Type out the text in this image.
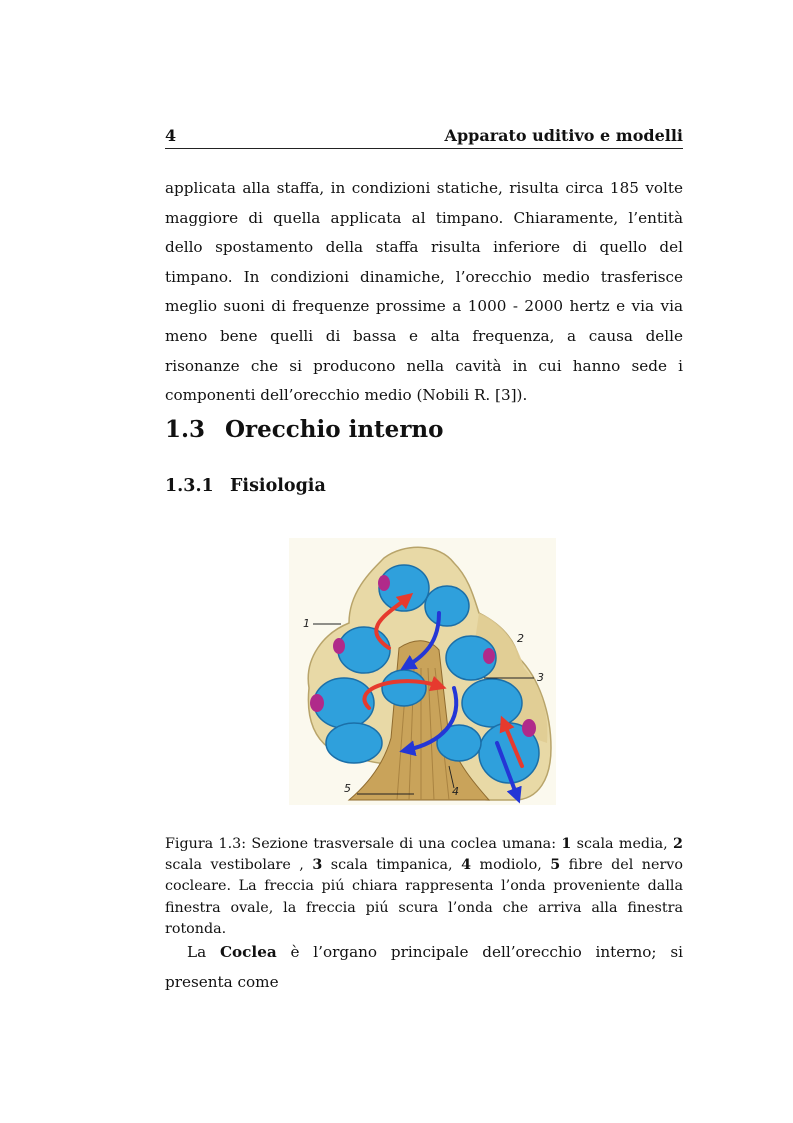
4	Apparato uditivo e modelli

applicata alla staffa, in condizioni statiche, risulta circa 185 volte maggiore di quella applicata al timpano. Chiaramente, l’entità dello spostamento della staffa risulta inferiore di quello del timpano. In condizioni dinamiche, l’orecchio medio trasferisce meglio suoni di frequenze prossime a 1000 - 2000 hertz e via via meno bene quelli di bassa e alta frequenza, a causa delle risonanze che si producono nella cavità in cui hanno sede i componenti dell’orecchio medio (Nobili R. [3]).

1.3 Orecchio interno
1.3.1 Fisiologia
1
2
3
4
5

Figura 1.3: Sezione trasversale di una coclea umana: 1 scala media, 2 scala vestibolare , 3 scala timpanica, 4 modiolo, 5 fibre del nervo cocleare. La freccia piú chiara rappresenta l’onda proveniente dalla finestra ovale, la freccia piú scura l’onda che arriva alla finestra rotonda.

La Coclea è l’organo principale dell’orecchio interno; si presenta come
